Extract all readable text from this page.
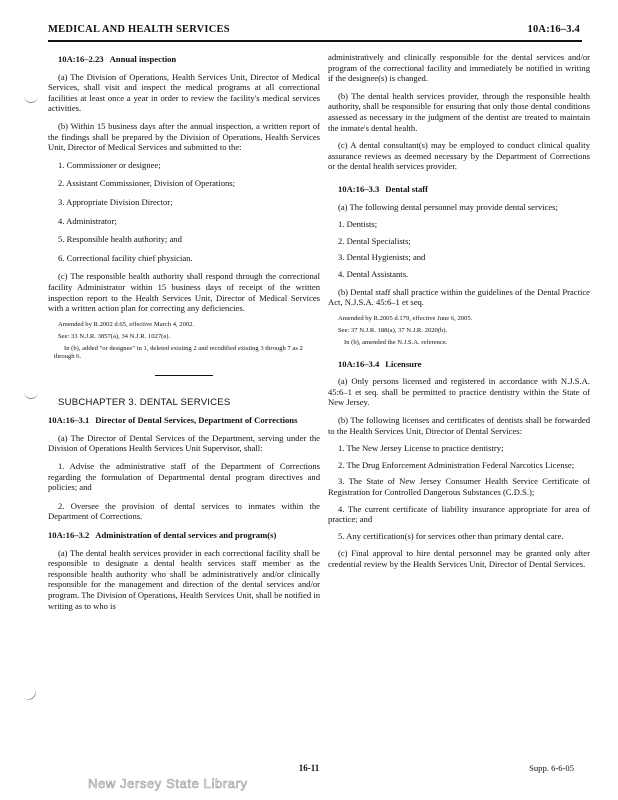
MEDICAL AND HEALTH SERVICES	10A:16–3.4

10A:16–2.23 Annual inspection

(a) The Division of Operations, Health Services Unit, Director of Medical Services, shall visit and inspect the medical programs at all correctional facilities at least once a year in order to review the facility's medical services activities.

(b) Within 15 business days after the annual inspection, a written report of the findings shall be prepared by the Division of Operations, Health Services Unit, Director of Medical Services and submitted to the:

1. Commissioner or designee;
2. Assistant Commissioner, Division of Operations;
3. Appropriate Division Director;
4. Administrator;
5. Responsible health authority; and
6. Correctional facility chief physician.

(c) The responsible health authority shall respond through the correctional facility Administrator within 15 business days of receipt of the written inspection report to the Health Services Unit, Director of Medical Services with a written action plan for correcting any deficiencies.

Amended by R.2002 d.65, effective March 4, 2002.

See: 33 N.J.R. 3857(a), 34 N.J.R. 1027(a).

In (b), added "or designee" in 1, deleted existing 2 and recodified existing 3 through 7 as 2 through 6.

SUBCHAPTER 3. DENTAL SERVICES

10A:16–3.1 Director of Dental Services, Department of Corrections

(a) The Director of Dental Services of the Department, serving under the Division of Operations Health Services Unit Supervisor, shall:

1. Advise the administrative staff of the Department of Corrections regarding the formulation of Departmental dental program directives and policies; and
2. Oversee the provision of dental services to inmates within the Department of Corrections.

10A:16–3.2 Administration of dental services and program(s)

(a) The dental health services provider in each correctional facility shall be responsible to designate a dental health services staff member as the responsible health authority who shall be administratively and/or clinically responsible for the management and direction of the dental services and/or program. The Division of Operations, Health Services Unit, shall be notified in writing as to who is

administratively and clinically responsible for the dental services and/or program of the correctional facility and immediately be notified in writing if the designee(s) is changed.

(b) The dental health services provider, through the responsible health authority, shall be responsible for ensuring that only those dental conditions assessed as necessary in the judgment of the dentist are treated to maintain the inmate's dental health.

(c) A dental consultant(s) may be employed to conduct clinical quality assurance reviews as deemed necessary by the Department of Corrections or the dental health services provider.

10A:16–3.3 Dental staff

(a) The following dental personnel may provide dental services;

1. Dentists;
2. Dental Specialists;
3. Dental Hygienists; and
4. Dental Assistants.

(b) Dental staff shall practice within the guidelines of the Dental Practice Act, N.J.S.A. 45:6–1 et seq.

Amended by R.2005 d.179, effective June 6, 2005.

See: 37 N.J.R. 188(a), 37 N.J.R. 2020(b).

In (b), amended the N.J.S.A. reference.

10A:16–3.4 Licensure

(a) Only persons licensed and registered in accordance with N.J.S.A. 45:6–1 et seq. shall be permitted to practice dentistry within the State of New Jersey.

(b) The following licenses and certificates of dentists shall be forwarded to the Health Services Unit, Director of Dental Services:

1. The New Jersey License to practice dentistry;
2. The Drug Enforcement Administration Federal Narcotics License;
3. The State of New Jersey Consumer Health Service Certificate of Registration for Controlled Dangerous Substances (C.D.S.);
4. The current certificate of liability insurance appropriate for area of practice; and
5. Any certification(s) for services other than primary dental care.

(c) Final approval to hire dental personnel may be granted only after credential review by the Health Services Unit, Director of Dental Services.

16-11	Supp. 6-6-05
New Jersey State Library
